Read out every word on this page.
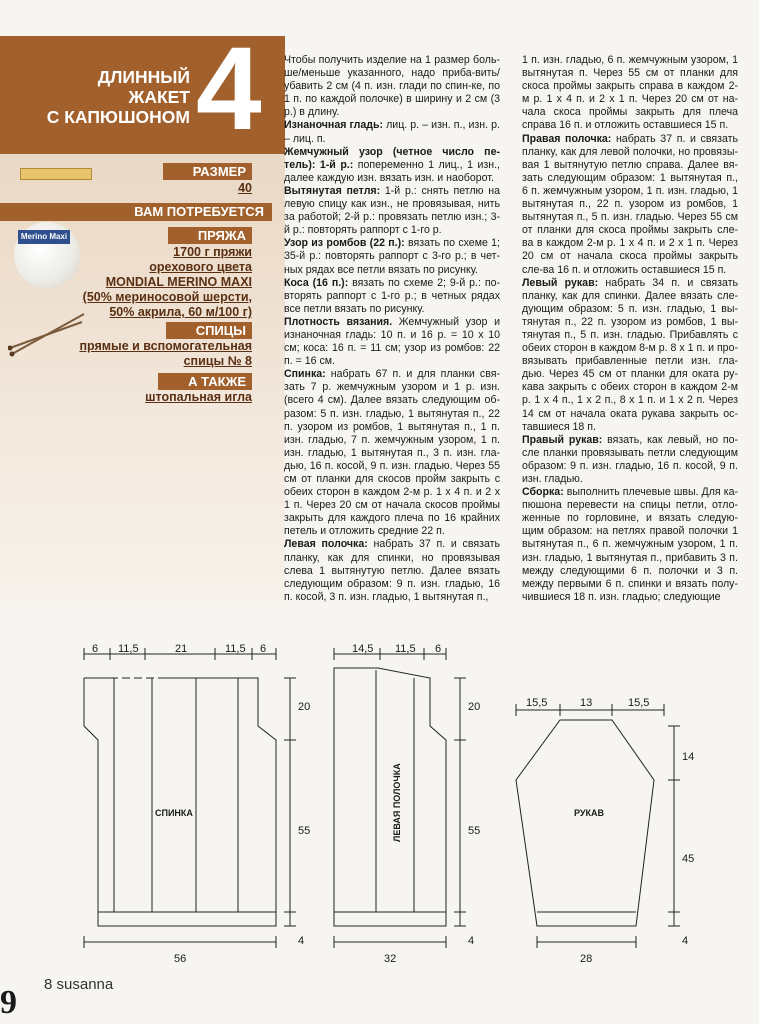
ДЛИННЫЙ
ЖАКЕТ
С КАПЮШОНОМ 4
РАЗМЕР
40
ВАМ ПОТРЕБУЕТСЯ
Merino Maxi	ПРЯЖА
1700 г пряжи
орехового цвета
MONDIAL MERINO MAXI
(50% мериносовой шерсти,
50% акрила, 60 м/100 г)
СПИЦЫ
прямые и вспомогательная
спицы № 8
А ТАКЖЕ
штопальная игла

Чтобы получить изделие на 1 размер боль-ше/меньше указанного, надо приба-вить/убавить 2 см (4 п. изн. глади по спин-ке, по 1 п. по каждой полочке) в ширину и 2 см (3 р.) в длину.

Изнаночная гладь: лиц. р. – изн. п., изн. р. – лиц. п.

Жемчужный узор (четное число пе-тель): 1-й р.: попеременно 1 лиц., 1 изн., далее каждую изн. вязать изн. и наоборот.

Вытянутая петля: 1-й р.: снять петлю на левую спицу как изн., не провязывая, нить за работой; 2-й р.: провязать петлю изн.; 3-й р.: повторять раппорт с 1-го р.

Узор из ромбов (22 п.): вязать по схеме 1; 35-й р.: повторять раппорт с 3-го р.; в чет-ных рядах все петли вязать по рисунку.

Коса (16 п.): вязать по схеме 2; 9-й р.: по-вторять раппорт с 1-го р.; в четных рядах все петли вязать по рисунку.

Плотность вязания. Жемчужный узор и изнаночная гладь: 10 п. и 16 р. = 10 x 10 см; коса: 16 п. = 11 см; узор из ромбов: 22 п. = 16 см.

Спинка: набрать 67 п. и для планки свя-зать 7 р. жемчужным узором и 1 р. изн. (всего 4 см). Далее вязать следующим об-разом: 5 п. изн. гладью, 1 вытянутая п., 22 п. узором из ромбов, 1 вытянутая п., 1 п. изн. гладью, 7 п. жемчужным узором, 1 п. изн. гладью, 1 вытянутая п., 3 п. изн. гла-дью, 16 п. косой, 9 п. изн. гладью. Через 55 см от планки для скосов пройм закрыть с обеих сторон в каждом 2-м р. 1 х 4 п. и 2 х 1 п. Через 20 см от начала скосов проймы закрыть для каждого плеча по 16 крайних петель и отложить средние 22 п.

Левая полочка: набрать 37 п. и связать планку, как для спинки, но провязывая слева 1 вытянутую петлю. Далее вязать следующим образом: 9 п. изн. гладью, 16 п. косой, 3 п. изн. гладью, 1 вытянутая п.,

1 п. изн. гладью, 6 п. жемчужным узором, 1 вытянутая п. Через 55 см от планки для скоса проймы закрыть справа в каждом 2-м р. 1 х 4 п. и 2 х 1 п. Через 20 см от на-чала скоса проймы закрыть для плеча справа 16 п. и отложить оставшиеся 15 п.

Правая полочка: набрать 37 п. и связать планку, как для левой полочки, но провязы-вая 1 вытянутую петлю справа. Далее вя-зать следующим образом: 1 вытянутая п., 6 п. жемчужным узором, 1 п. изн. гладью, 1 вытянутая п., 22 п. узором из ромбов, 1 вытянутая п., 5 п. изн. гладью. Через 55 см от планки для скоса проймы закрыть сле-ва в каждом 2-м р. 1 х 4 п. и 2 х 1 п. Через 20 см от начала скоса проймы закрыть сле-ва 16 п. и отложить оставшиеся 15 п.

Левый рукав: набрать 34 п. и связать планку, как для спинки. Далее вязать сле-дующим образом: 5 п. изн. гладью, 1 вы-тянутая п., 22 п. узором из ромбов, 1 вы-тянутая п., 5 п. изн. гладью. Прибавлять с обеих сторон в каждом 8-м р. 8 х 1 п. и про-вязывать прибавленные петли изн. гла-дью. Через 45 см от планки для оката ру-кава закрыть с обеих сторон в каждом 2-м р. 1 х 4 п., 1 х 2 п., 8 х 1 п. и 1 х 2 п. Через 14 см от начала оката рукава закрыть ос-тавшиеся 18 п.

Правый рукав: вязать, как левый, но по-сле планки провязывать петли следующим образом: 9 п. изн. гладью, 16 п. косой, 9 п. изн. гладью.

Сборка: выполнить плечевые швы. Для ка-пюшона перевести на спицы петли, отло-женные по горловине, и вязать следую-щим образом: на петлях правой полочки 1 вытянутая п., 6 п. жемчужным узором, 1 п. изн. гладью, 1 вытянутая п., прибавить 3 п. между следующими 6 п. полочки и 3 п. между первыми 6 п. спинки и вязать полу-чившиеся 18 п. изн. гладью; следующие

6 11,5	21	11,5 6
20
55
4
56
СПИНКА
14,5 11,5 6
20
55
4
32
ЛЕВАЯ ПОЛОЧКА
15,5	13	15,5
14
45
4
28
РУКАВ
9 8 susanna
